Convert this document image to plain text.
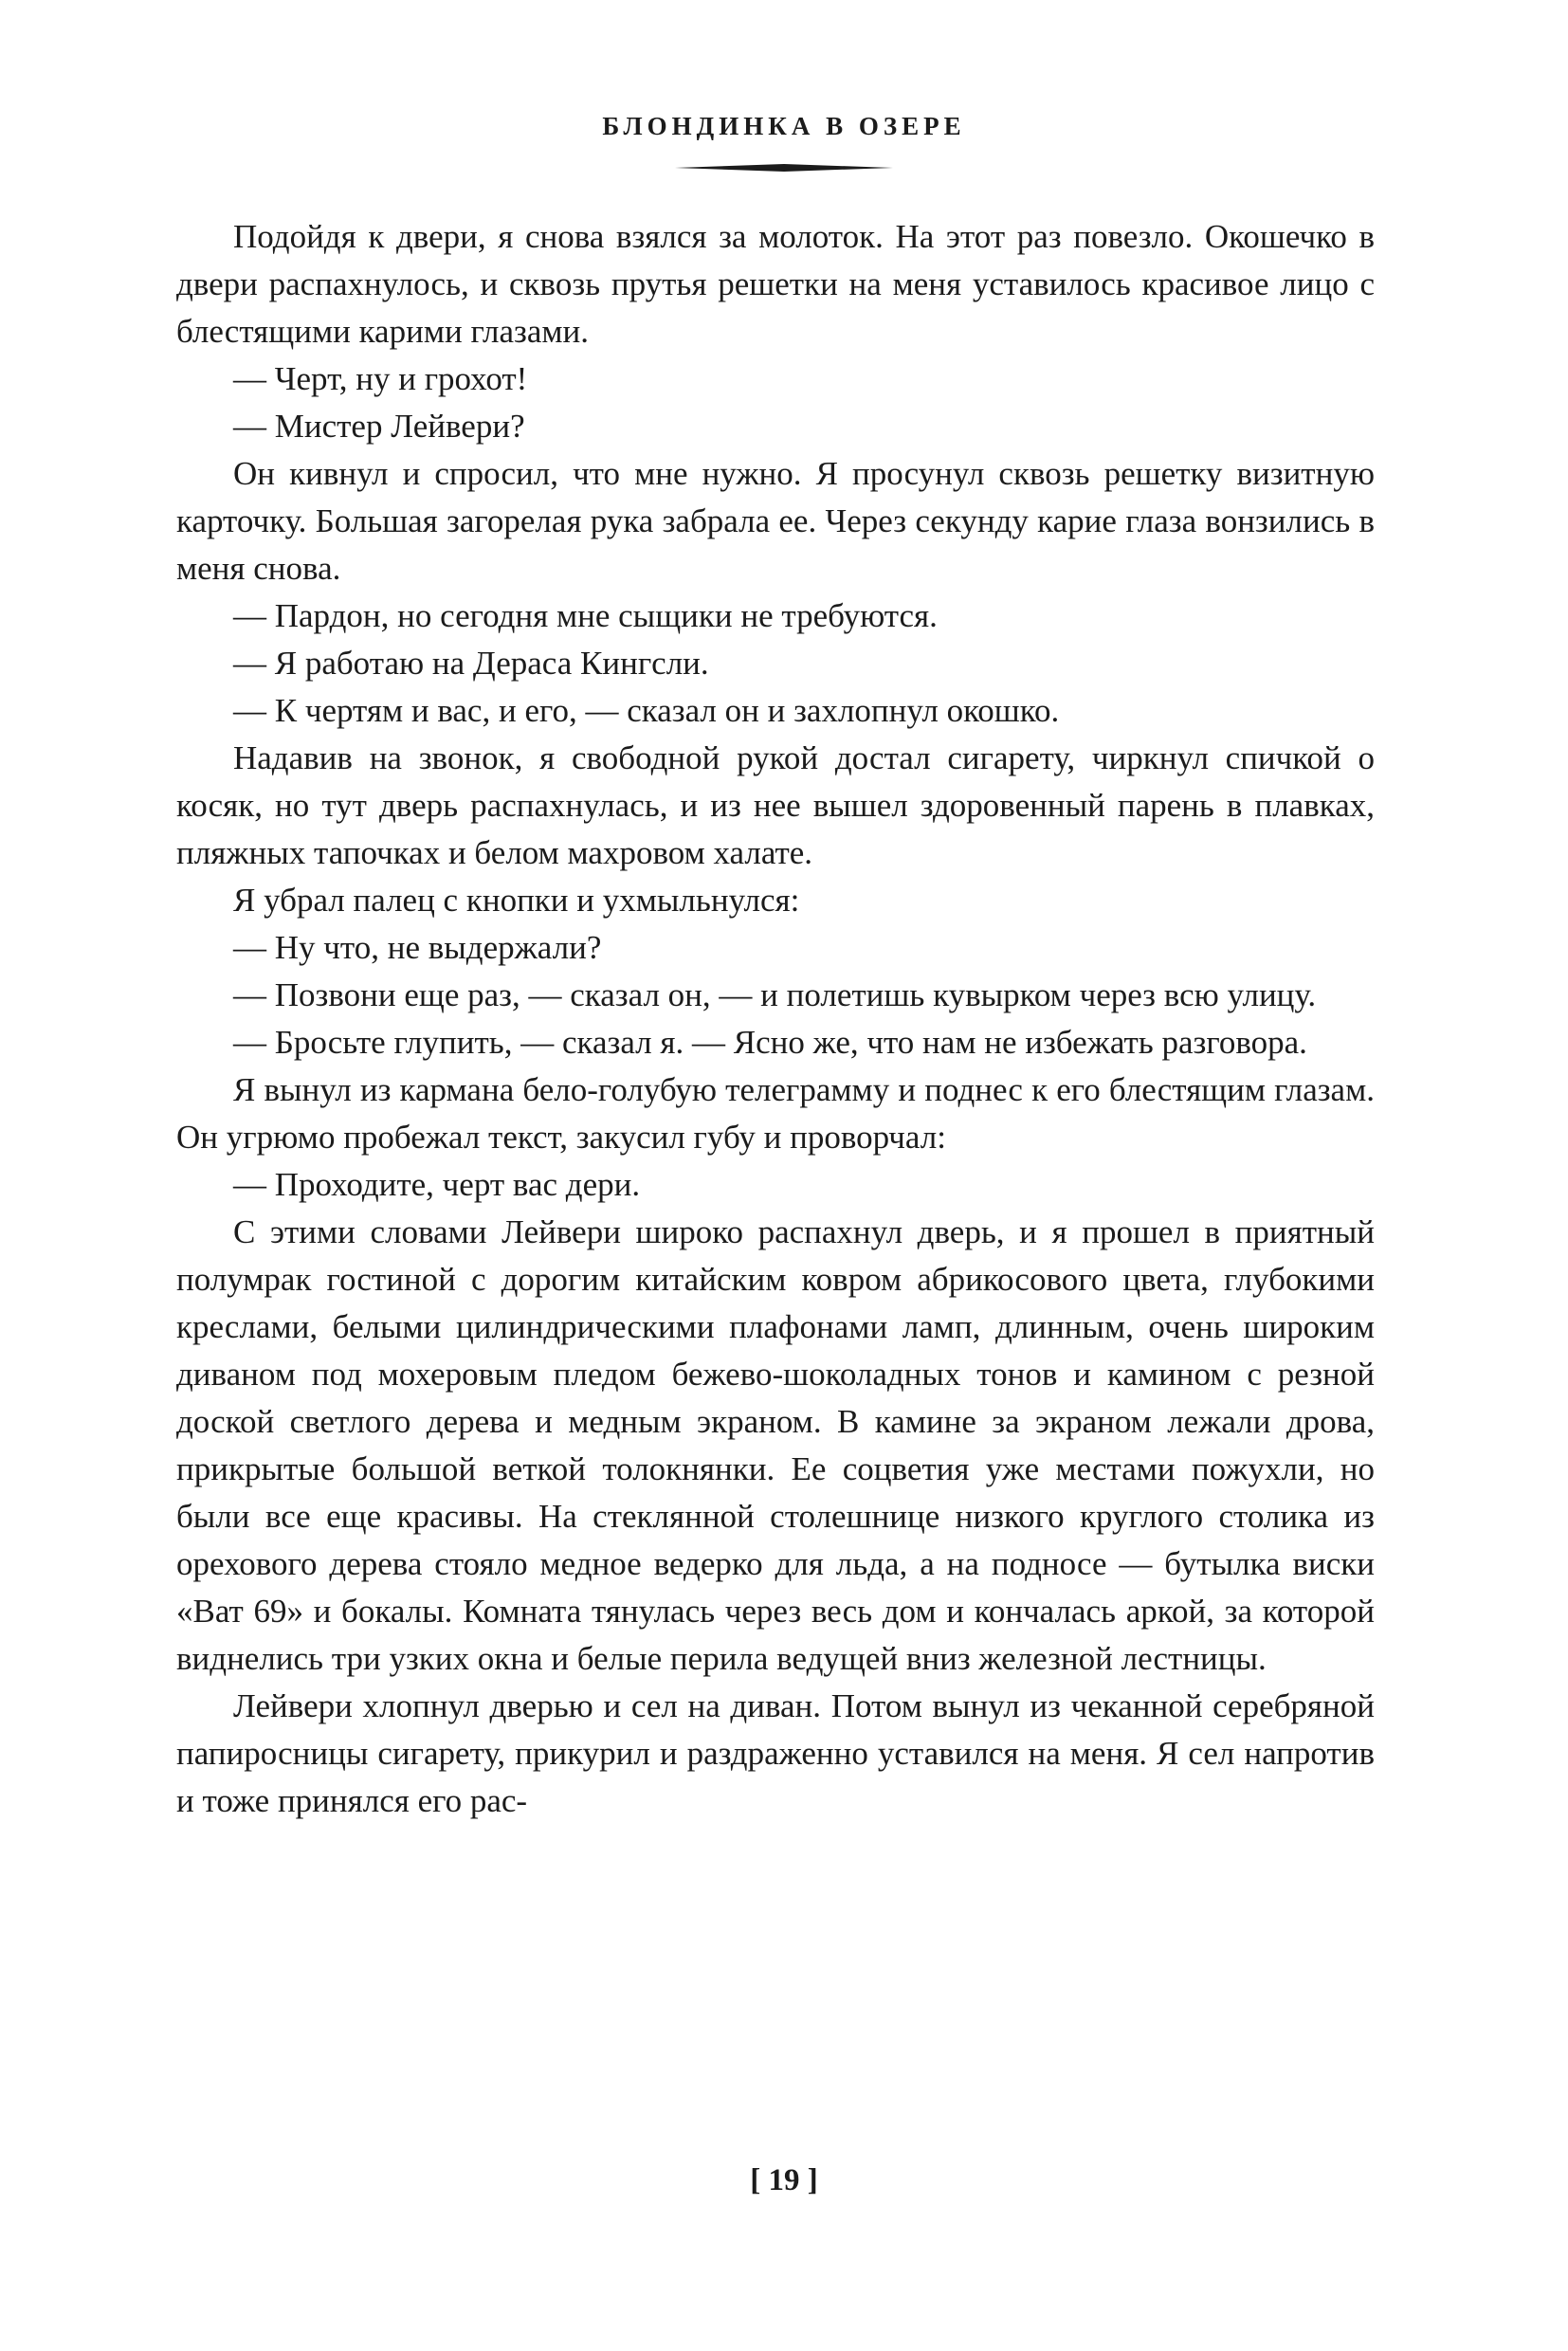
БЛОНДИНКА В ОЗЕРЕ

Подойдя к двери, я снова взялся за молоток. На этот раз повезло. Окошечко в двери распахнулось, и сквозь прутья решетки на меня уставилось красивое лицо с блестящими карими глазами.

— Черт, ну и грохот!

— Мистер Лейвери?

Он кивнул и спросил, что мне нужно. Я просунул сквозь решетку визитную карточку. Большая загорелая рука забрала ее. Через секунду карие глаза вонзились в меня снова.

— Пардон, но сегодня мне сыщики не требуются.

— Я работаю на Дераса Кингсли.

— К чертям и вас, и его, — сказал он и захлопнул окошко.

Надавив на звонок, я свободной рукой достал сигарету, чиркнул спичкой о косяк, но тут дверь распахнулась, и из нее вышел здоровенный парень в плавках, пляжных тапочках и белом махровом халате.

Я убрал палец с кнопки и ухмыльнулся:

— Ну что, не выдержали?

— Позвони еще раз, — сказал он, — и полетишь кувырком через всю улицу.

— Бросьте глупить, — сказал я. — Ясно же, что нам не избежать разговора.

Я вынул из кармана бело-голубую телеграмму и поднес к его блестящим глазам. Он угрюмо пробежал текст, закусил губу и проворчал:

— Проходите, черт вас дери.

С этими словами Лейвери широко распахнул дверь, и я прошел в приятный полумрак гостиной с дорогим китайским ковром абрикосового цвета, глубокими креслами, белыми цилиндрическими плафонами ламп, длинным, очень широким диваном под мохеровым пледом бежево-шоколадных тонов и камином с резной доской светлого дерева и медным экраном. В камине за экраном лежали дрова, прикрытые большой веткой толокнянки. Ее соцветия уже местами пожухли, но были все еще красивы. На стеклянной столешнице низкого круглого столика из орехового дерева стояло медное ведерко для льда, а на подносе — бутылка виски «Ват 69» и бокалы. Комната тянулась через весь дом и кончалась аркой, за которой виднелись три узких окна и белые перила ведущей вниз железной лестницы.

Лейвери хлопнул дверью и сел на диван. Потом вынул из чеканной серебряной папиросницы сигарету, прикурил и раздраженно уставился на меня. Я сел напротив и тоже принялся его рас-

[ 19 ]
